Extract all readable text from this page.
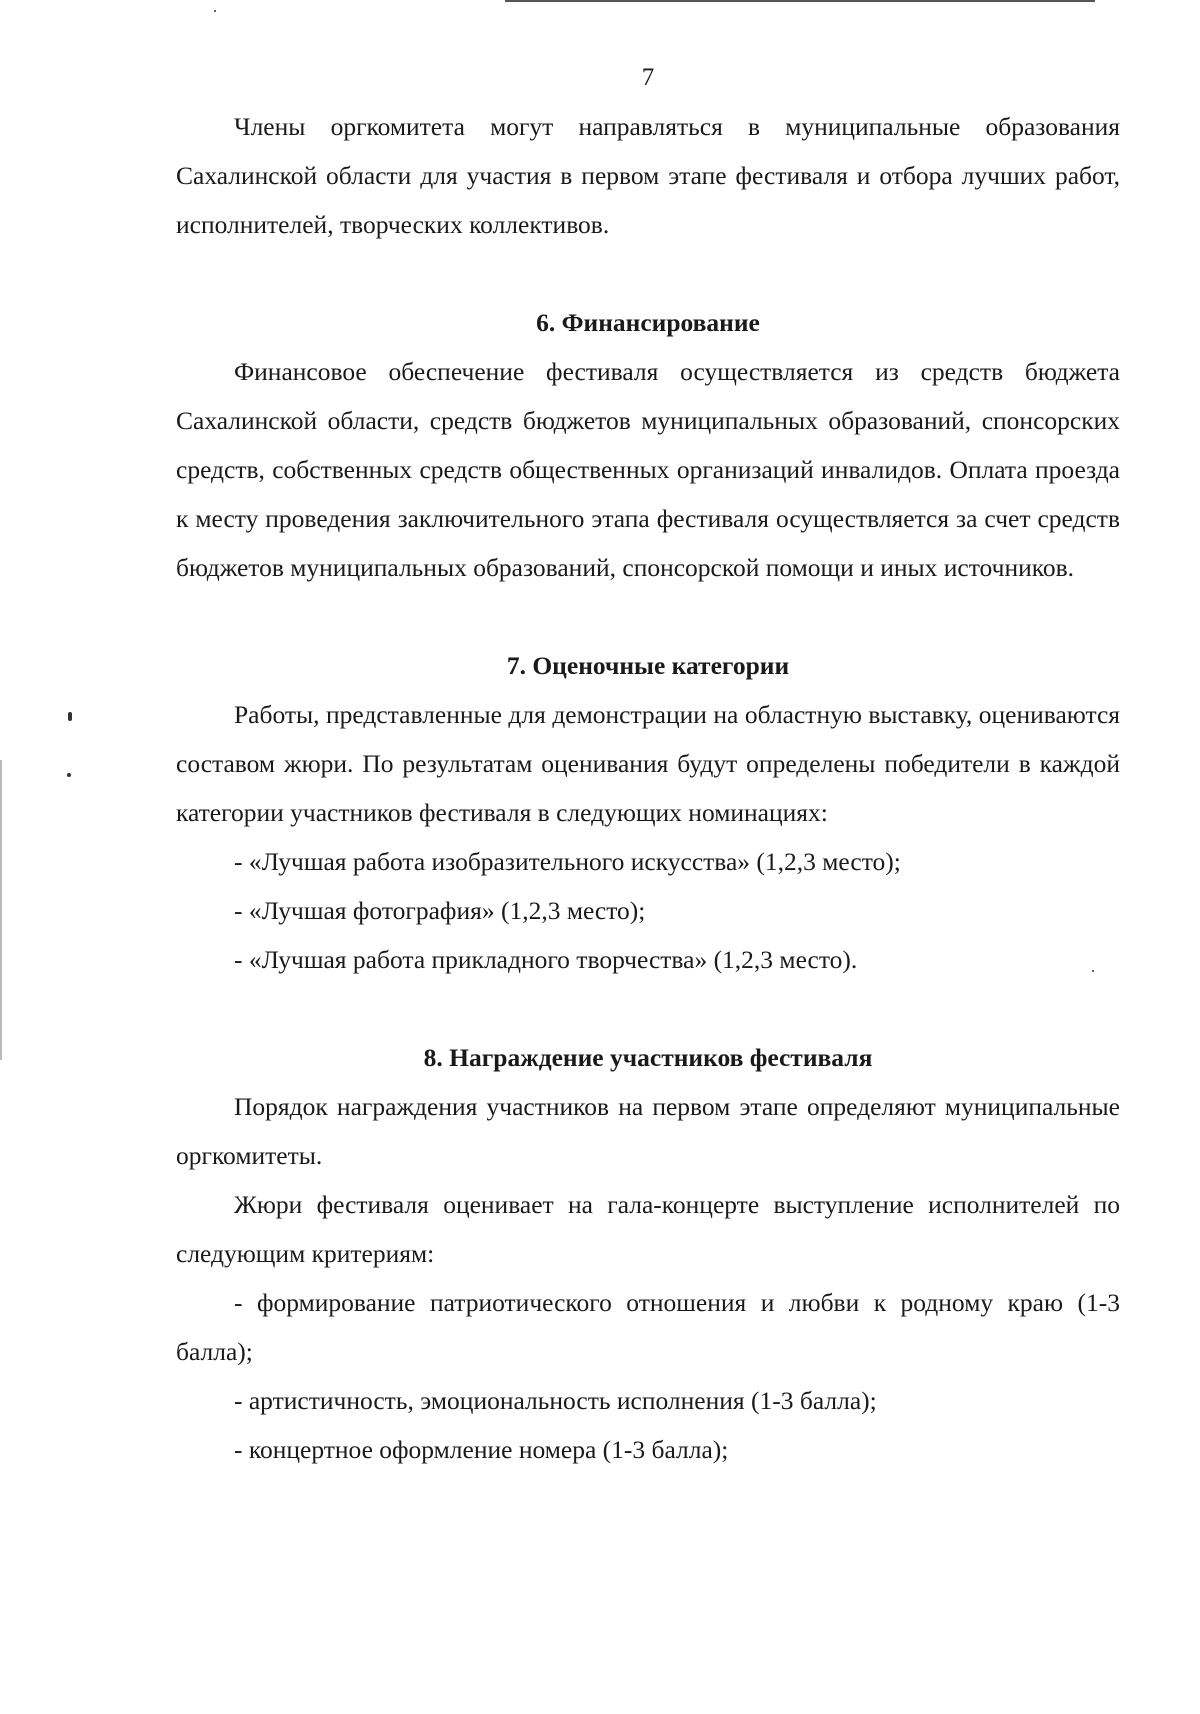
7

Члены оргкомитета могут направляться в муниципальные образования Сахалинской области для участия в первом этапе фестиваля и отбора лучших работ, исполнителей, творческих коллективов.

6. Финансирование

Финансовое обеспечение фестиваля осуществляется из средств бюджета Сахалинской области, средств бюджетов муниципальных образований, спонсорских средств, собственных средств общественных организаций инвалидов. Оплата проезда к месту проведения заключительного этапа фестиваля осуществляется за счет средств бюджетов муниципальных образований, спонсорской помощи и иных источников.

7. Оценочные категории

Работы, представленные для демонстрации на областную выставку, оцениваются составом жюри. По результатам оценивания будут определены победители в каждой категории участников фестиваля в следующих номинациях:

- «Лучшая работа изобразительного искусства» (1,2,3 место);

- «Лучшая фотография» (1,2,3 место);

- «Лучшая работа прикладного творчества» (1,2,3 место).

8. Награждение участников фестиваля

Порядок награждения участников на первом этапе определяют муниципальные оргкомитеты.

Жюри фестиваля оценивает на гала-концерте выступление исполнителей по следующим критериям:

- формирование патриотического отношения и любви к родному краю (1-3 балла);

- артистичность, эмоциональность исполнения (1-3 балла);

- концертное оформление номера (1-3 балла);
